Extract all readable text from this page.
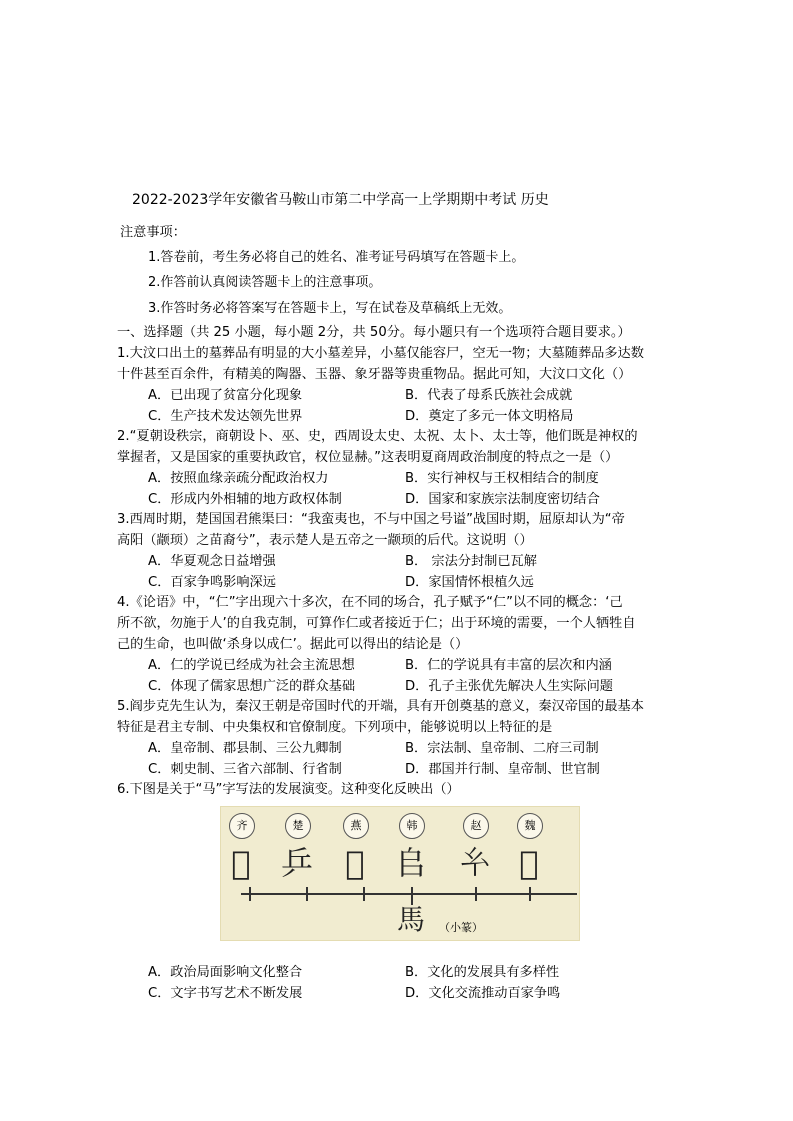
2022-2023学年安徽省马鞍山市第二中学高一上学期期中考试 历史
注意事项：
1.答卷前，考生务必将自己的姓名、准考证号码填写在答题卡上。
2.作答前认真阅读答题卡上的注意事项。
3.作答时务必将答案写在答题卡上，写在试卷及草稿纸上无效。
一、选择题（共 25 小题，每小题 2分，共 50分。每小题只有一个选项符合题目要求。）
1.大汶口出土的墓葬品有明显的大小墓差异，小墓仅能容尸，空无一物；大墓随葬品多达数
十件甚至百余件，有精美的陶器、玉器、象牙器等贵重物品。据此可知，大汶口文化（）
A．已出现了贫富分化现象	B．代表了母系氏族社会成就
C．生产技术发达领先世界	D．奠定了多元一体文明格局
2.“夏朝设秩宗，商朝设卜、巫、史，西周设太史、太祝、太卜、太士等，他们既是神权的
掌握者，又是国家的重要执政官，权位显赫。”这表明夏商周政治制度的特点之一是（）
A．按照血缘亲疏分配政治权力	B．实行神权与王权相结合的制度
C．形成内外相辅的地方政权体制	D．国家和家族宗法制度密切结合
3.西周时期，楚国国君熊渠曰：“我蛮夷也，不与中国之号谥”战国时期，屈原却认为“帝
高阳（颛顼）之苗裔兮”，表示楚人是五帝之一颛顼的后代。这说明（）
A．华夏观念日益增强	B． 宗法分封制已瓦解
C．百家争鸣影响深远	D．家国情怀根植久远
4.《论语》中，“仁”字出现六十多次，在不同的场合，孔子赋予“仁”以不同的概念：‘己
所不欲，勿施于人’的自我克制，可算作仁或者接近于仁；出于环境的需要，一个人牺牲自
己的生命，也叫做‘杀身以成仁’。据此可以得出的结论是（）
A．仁的学说已经成为社会主流思想	B．仁的学说具有丰富的层次和内涵
C．体现了儒家思想广泛的群众基础	D．孔子主张优先解决人生实际问题
5.阎步克先生认为，秦汉王朝是帝国时代的开端，具有开创奠基的意义，秦汉帝国的最基本
特征是君主专制、中央集权和官僚制度。下列项中，能够说明以上特征的是
A．皇帝制、郡县制、三公九卿制	B．宗法制、皇帝制、二府三司制
C．刺史制、三省六部制、行省制	D．郡国并行制、皇帝制、世官制
6.下图是关于“马”字写法的发展演变。这种变化反映出（）
齐	楚	燕	韩	赵	魏
𢒦 乒	𢍘 𠂤 𢆯 𠂻
馬 （小篆）
A．政治局面影响文化整合	B．文化的发展具有多样性
C．文字书写艺术不断发展	D．文化交流推动百家争鸣
